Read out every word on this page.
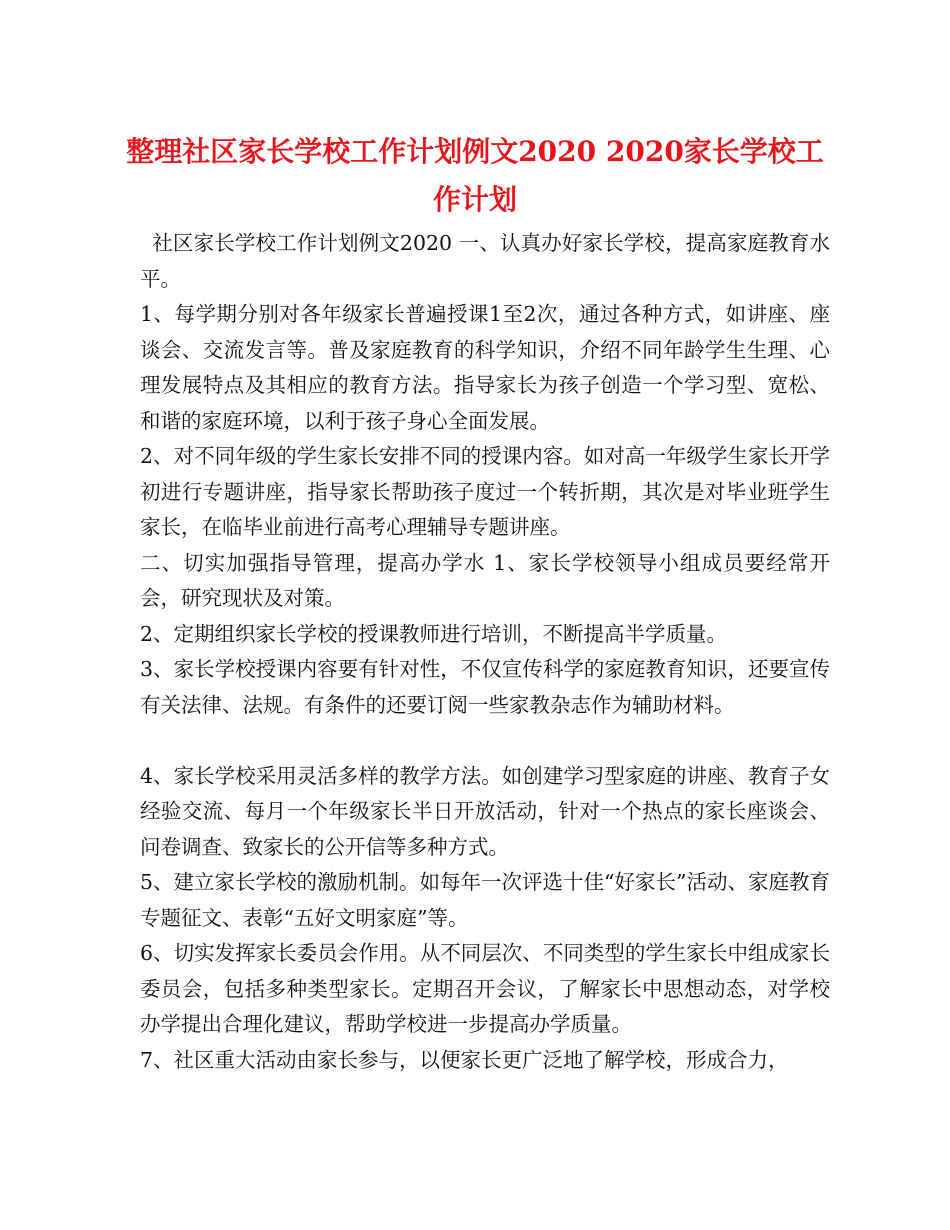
整理社区家长学校工作计划例文2020 2020家长学校工作计划

社区家长学校工作计划例文2020 一、认真办好家长学校，提高家庭教育水平。

1、每学期分别对各年级家长普遍授课1至2次，通过各种方式，如讲座、座谈会、交流发言等。普及家庭教育的科学知识，介绍不同年龄学生生理、心理发展特点及其相应的教育方法。指导家长为孩子创造一个学习型、宽松、和谐的家庭环境，以利于孩子身心全面发展。

2、对不同年级的学生家长安排不同的授课内容。如对高一年级学生家长开学初进行专题讲座，指导家长帮助孩子度过一个转折期，其次是对毕业班学生家长，在临毕业前进行高考心理辅导专题讲座。

二、切实加强指导管理，提高办学水 1、家长学校领导小组成员要经常开会，研究现状及对策。

2、定期组织家长学校的授课教师进行培训，不断提高半学质量。

3、家长学校授课内容要有针对性，不仅宣传科学的家庭教育知识，还要宣传有关法律、法规。有条件的还要订阅一些家教杂志作为辅助材料。

4、家长学校采用灵活多样的教学方法。如创建学习型家庭的讲座、教育子女经验交流、每月一个年级家长半日开放活动，针对一个热点的家长座谈会、问卷调查、致家长的公开信等多种方式。

5、建立家长学校的激励机制。如每年一次评选十佳“好家长”活动、家庭教育专题征文、表彰“五好文明家庭”等。

6、切实发挥家长委员会作用。从不同层次、不同类型的学生家长中组成家长委员会，包括多种类型家长。定期召开会议，了解家长中思想动态，对学校办学提出合理化建议，帮助学校进一步提高办学质量。

7、社区重大活动由家长参与，以便家长更广泛地了解学校，形成合力，
